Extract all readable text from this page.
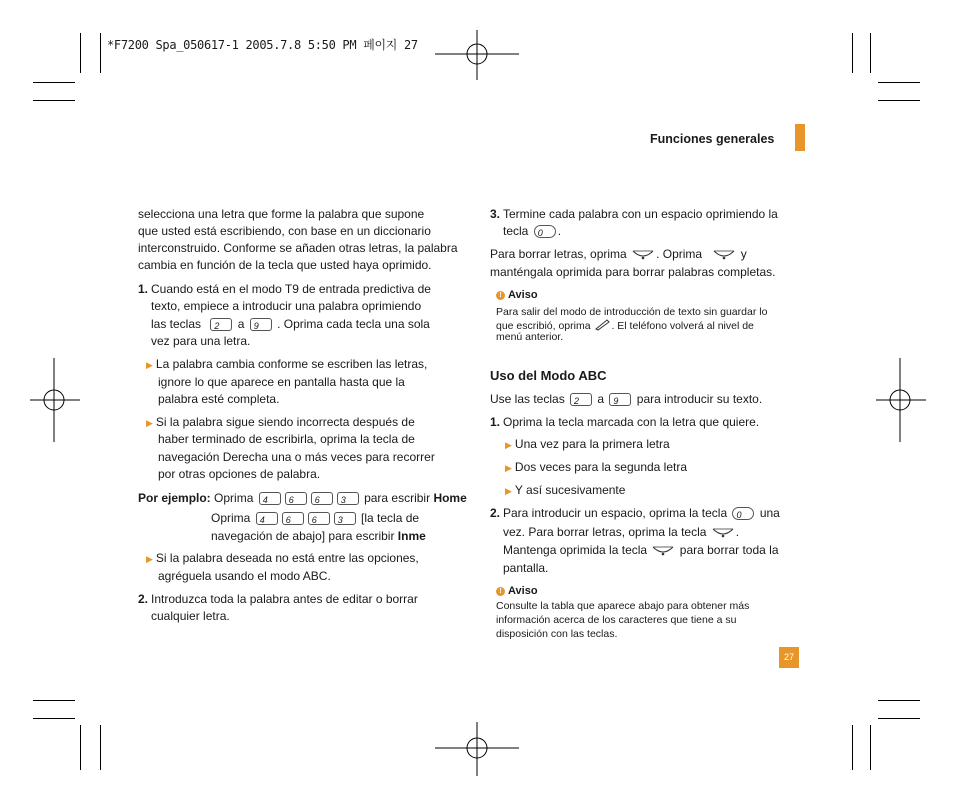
*F7200 Spa_050617-1 2005.7.8 5:50 PM 페이지 27
Funciones generales
selecciona una letra que forme la palabra que supone
que usted está escribiendo, con base en un diccionario
interconstruido. Conforme se añaden otras letras, la palabra
cambia en función de la tecla que usted haya oprimido.
1. Cuando está en el modo T9 de entrada predictiva de
texto, empiece a introducir una palabra oprimiendo
las teclas 2 a 9 . Oprima cada tecla una sola
vez para una letra.
▶ La palabra cambia conforme se escriben las letras,
ignore lo que aparece en pantalla hasta que la
palabra esté completa.
▶ Si la palabra sigue siendo incorrecta después de
haber terminado de escribirla, oprima la tecla de
navegación Derecha una o más veces para recorrer
por otras opciones de palabra.
Por ejemplo: Oprima 4 6 6 3 para escribir Home
Oprima 4 6 6 3 [la tecla de
navegación de abajo] para escribir Inme
▶ Si la palabra deseada no está entre las opciones,
agréguela usando el modo ABC.
2. Introduzca toda la palabra antes de editar o borrar
cualquier letra.
3. Termine cada palabra con un espacio oprimiendo la
tecla 0 .
Para borrar letras, oprima . Oprima	y
manténgala oprimida para borrar palabras completas.
! Aviso
Para salir del modo de introducción de texto sin guardar lo
que escribió, oprima . El teléfono volverá al nivel de
menú anterior.
Uso del Modo ABC
Use las teclas 2 a 9 para introducir su texto.
1. Oprima la tecla marcada con la letra que quiere.
▶ Una vez para la primera letra
▶ Dos veces para la segunda letra
▶ Y así sucesivamente
2. Para introducir un espacio, oprima la tecla 0 una
vez. Para borrar letras, oprima la tecla .
Mantenga oprimida la tecla	para borrar toda la
pantalla.
! Aviso
Consulte la tabla que aparece abajo para obtener más
información acerca de los caracteres que tiene a su
disposición con las teclas.
27
